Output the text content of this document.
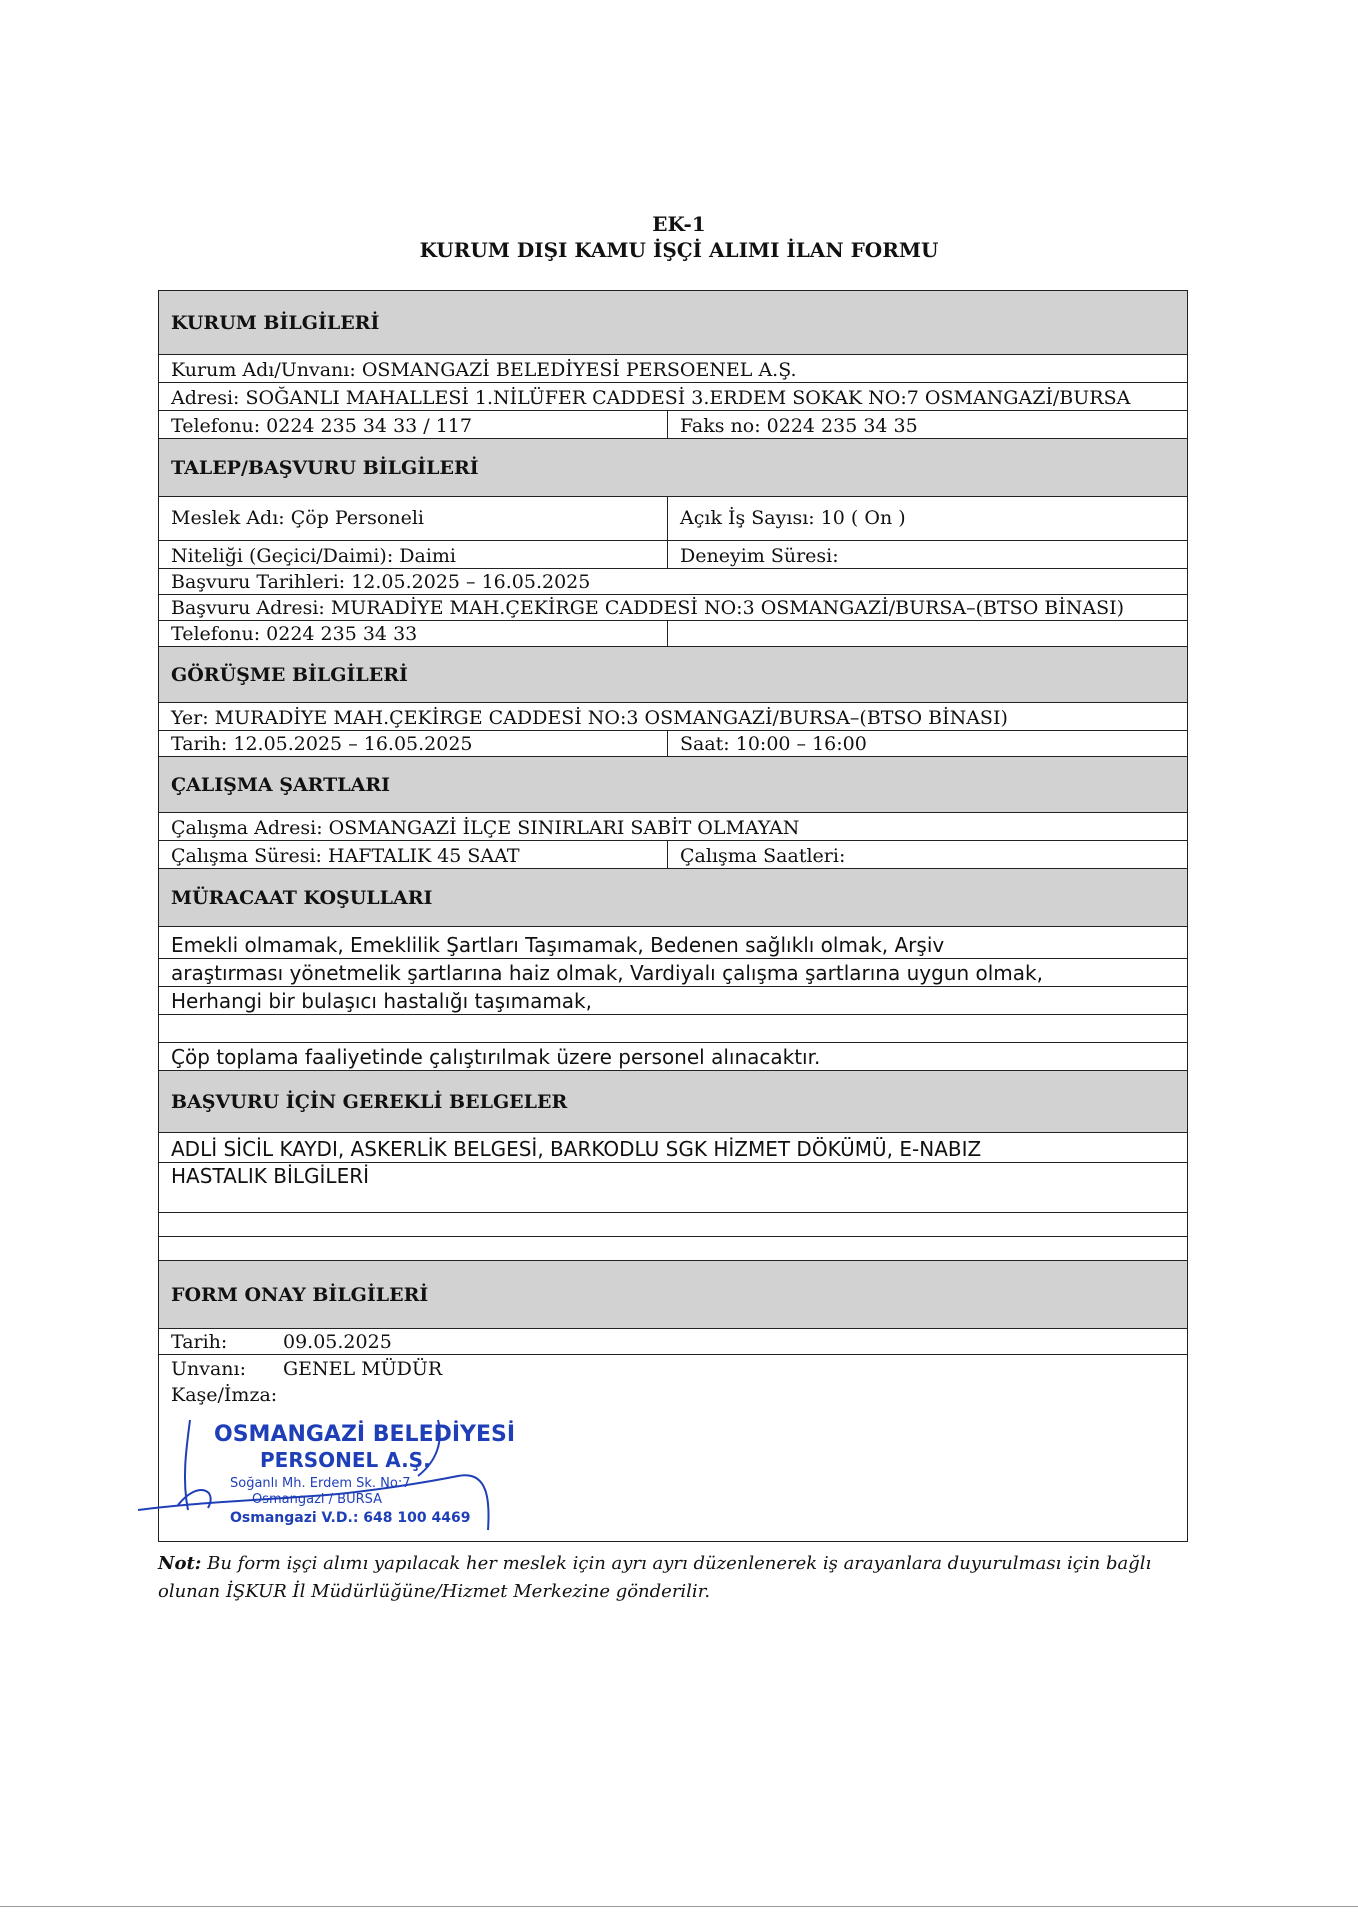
EK-1
KURUM DIŞI KAMU İŞÇİ ALIMI İLAN FORMU
KURUM BİLGİLERİ
Kurum Adı/Unvanı: OSMANGAZİ BELEDİYESİ PERSOENEL A.Ş.
Adresi: SOĞANLI MAHALLESİ 1.NİLÜFER CADDESİ 3.ERDEM SOKAK NO:7 OSMANGAZİ/BURSA
Telefonu: 0224 235 34 33 / 117	Faks no: 0224 235 34 35
TALEP/BAŞVURU BİLGİLERİ
Meslek Adı: Çöp Personeli	Açık İş Sayısı: 10 ( On )
Niteliği (Geçici/Daimi): Daimi	Deneyim Süresi:
Başvuru Tarihleri: 12.05.2025 – 16.05.2025
Başvuru Adresi: MURADİYE MAH.ÇEKİRGE CADDESİ NO:3 OSMANGAZİ/BURSA–(BTSO BİNASI)
Telefonu: 0224 235 34 33
GÖRÜŞME BİLGİLERİ
Yer: MURADİYE MAH.ÇEKİRGE CADDESİ NO:3 OSMANGAZİ/BURSA–(BTSO BİNASI)
Tarih: 12.05.2025 – 16.05.2025	Saat: 10:00 – 16:00
ÇALIŞMA ŞARTLARI
Çalışma Adresi: OSMANGAZİ İLÇE SINIRLARI SABİT OLMAYAN
Çalışma Süresi: HAFTALIK 45 SAAT	Çalışma Saatleri:
MÜRACAAT KOŞULLARI
Emekli olmamak, Emeklilik Şartları Taşımamak, Bedenen sağlıklı olmak, Arşiv
araştırması yönetmelik şartlarına haiz olmak, Vardiyalı çalışma şartlarına uygun olmak,
Herhangi bir bulaşıcı hastalığı taşımamak,
Çöp toplama faaliyetinde çalıştırılmak üzere personel alınacaktır.
BAŞVURU İÇİN GEREKLİ BELGELER
ADLİ SİCİL KAYDI, ASKERLİK BELGESİ, BARKODLU SGK HİZMET DÖKÜMÜ, E-NABIZ
HASTALIK BİLGİLERİ
FORM ONAY BİLGİLERİ
Tarih:	09.05.2025
Unvanı: GENEL MÜDÜR
Kaşe/İmza:
OSMANGAZİ BELEDİYESİ
PERSONEL A.Ş.
Soğanlı Mh. Erdem Sk. No:7
Osmangazi / BURSA
Osmangazi V.D.: 648 100 4469
Not: Bu form işçi alımı yapılacak her meslek için ayrı ayrı düzenlenerek iş arayanlara duyurulması için bağlı olunan İŞKUR İl Müdürlüğüne/Hizmet Merkezine gönderilir.
